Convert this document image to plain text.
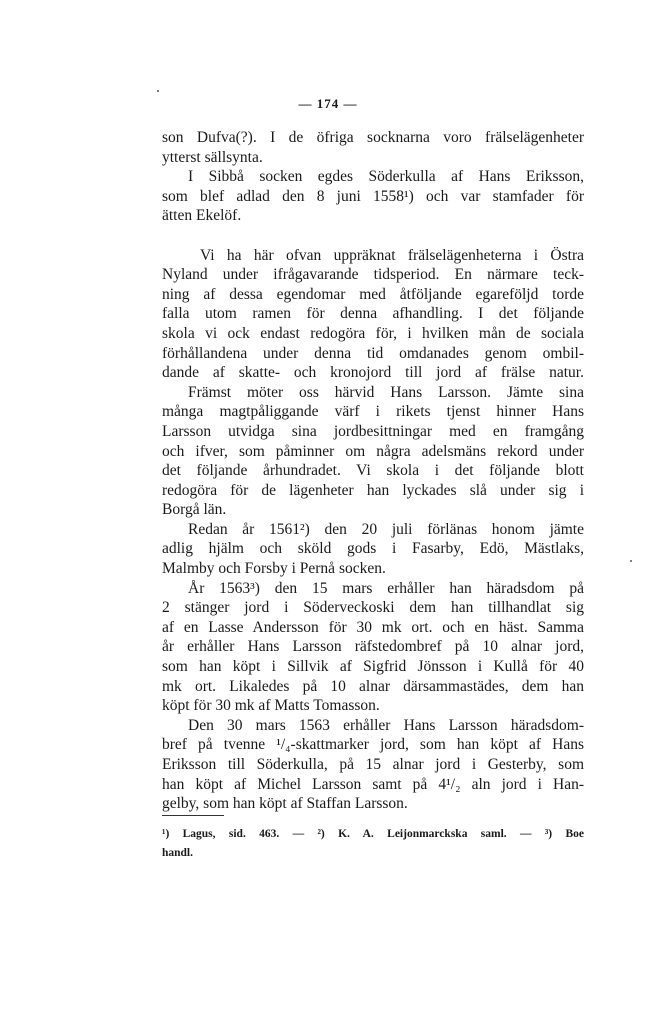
— 174 —
son Dufva(?). I de öfriga socknarna voro frälselägenheter
ytterst sällsynta.
I Sibbå socken egdes Söderkulla af Hans Eriksson,
som blef adlad den 8 juni 1558¹) och var stamfader för
ätten Ekelöf.
Vi ha här ofvan uppräknat frälselägenheterna i Östra
Nyland under ifrågavarande tidsperiod. En närmare teck-
ning af dessa egendomar med åtföljande egareföljd torde
falla utom ramen för denna afhandling. I det följande
skola vi ock endast redogöra för, i hvilken mån de sociala
förhållandena under denna tid omdanades genom ombil-
dande af skatte- och kronojord till jord af frälse natur.
Främst möter oss härvid Hans Larsson. Jämte sina
många magtpåliggande värf i rikets tjenst hinner Hans
Larsson utvidga sina jordbesittningar med en framgång
och ifver, som påminner om några adelsmäns rekord under
det följande århundradet. Vi skola i det följande blott
redogöra för de lägenheter han lyckades slå under sig i
Borgå län.
Redan år 1561²) den 20 juli förlänas honom jämte
adlig hjälm och sköld gods i Fasarby, Edö, Mästlaks,
Malmby och Forsby i Pernå socken.
År 1563³) den 15 mars erhåller han häradsdom på
2 stänger jord i Söderveckoski dem han tillhandlat sig
af en Lasse Andersson för 30 mk ort. och en häst. Samma
år erhåller Hans Larsson räfstedombref på 10 alnar jord,
som han köpt i Sillvik af Sigfrid Jönsson i Kullå för 40
mk ort. Likaledes på 10 alnar därsammastädes, dem han
köpt för 30 mk af Matts Tomasson.
Den 30 mars 1563 erhåller Hans Larsson häradsdom-
bref på tvenne ¹/₄-skattmarker jord, som han köpt af Hans
Eriksson till Söderkulla, på 15 alnar jord i Gesterby, som
han köpt af Michel Larsson samt på 4¹/₂ aln jord i Han-
gelby, som han köpt af Staffan Larsson.
¹) Lagus, sid. 463. — ²) K. A. Leijonmarckska saml. — ³) Boe
handl.
